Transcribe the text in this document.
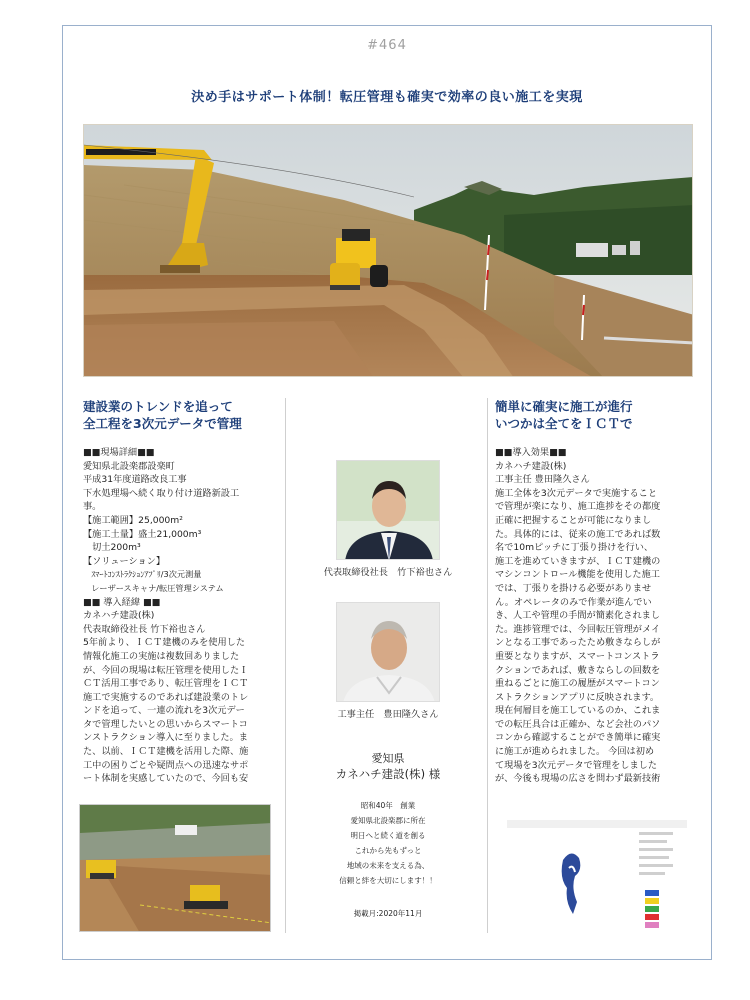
#464
決め手はサポート体制！転圧管理も確実で効率の良い施工を実現
建設業のトレンドを追って
全工程を3次元データで管理
■■現場詳細■■
愛知県北設楽郡設楽町
平成31年度道路改良工事
下水処理場へ続く取り付け道路新設工
事。
【施工範囲】25,000m²
【施工土量】盛土21,000m³
　切土200m³
【ソリューション】
　ｽﾏｰﾄｺﾝｽﾄﾗｸｼｮﾝｱﾌﾟﾘ/3次元測量
　レーザースキャナ/転圧管理システム
■■ 導入経緯 ■■
カネハチ建設(株)
代表取締役社長 竹下裕也さん
5年前より、ＩＣＴ建機のみを使用した
情報化施工の実施は複数回ありました
が、今回の現場は転圧管理を使用したＩ
ＣＴ活用工事であり、転圧管理をＩＣＴ
施工で実施するのであれば建設業のトレ
ンドを追って、一連の流れを3次元デー
タで管理したいとの思いからスマートコ
ンストラクション導入に至りました。ま
た、以前、ＩＣＴ建機を活用した際、施
工中の困りごとや疑問点への迅速なサポ
ート体制を実感していたので、今回も安
代表取締役社長　竹下裕也さん
工事主任　豊田隆久さん
愛知県
カネハチ建設(株) 様
昭和40年　創業
愛知県北設楽郡に所在
明日へと続く道を創る
これから先もずっと
地域の未来を支える為、
信頼と絆を大切にします！！
掲載月:2020年11月
簡単に確実に施工が進行
いつかは全てをＩＣＴで
■■導入効果■■
カネハチ建設(株)
工事主任 豊田隆久さん
施工全体を3次元データで実施すること
で管理が楽になり、施工進捗をその都度
正確に把握することが可能になりまし
た。具体的には、従来の施工であれば数
名で10mピッチに丁張り掛けを行い、
施工を進めていきますが、ＩＣＴ建機の
マシンコントロール機能を使用した施工
では、丁張りを掛ける必要がありませ
ん。オペレータのみで作業が進んでい
き、人工や管理の手間が簡素化されまし
た。進捗管理では、今回転圧管理がメイ
ンとなる工事であったため敷きならしが
重要となりますが、スマートコンストラ
クションであれば、敷きならしの回数を
重ねるごとに施工の履歴がスマートコン
ストラクションアプリに反映されます。
現在何層目を施工しているのか、これま
での転圧具合は正確か、など会社のパソ
コンから確認することができ簡単に確実
に施工が進められました。 今回は初め
て現場を3次元データで管理をしました
が、今後も現場の広さを問わず最新技術
